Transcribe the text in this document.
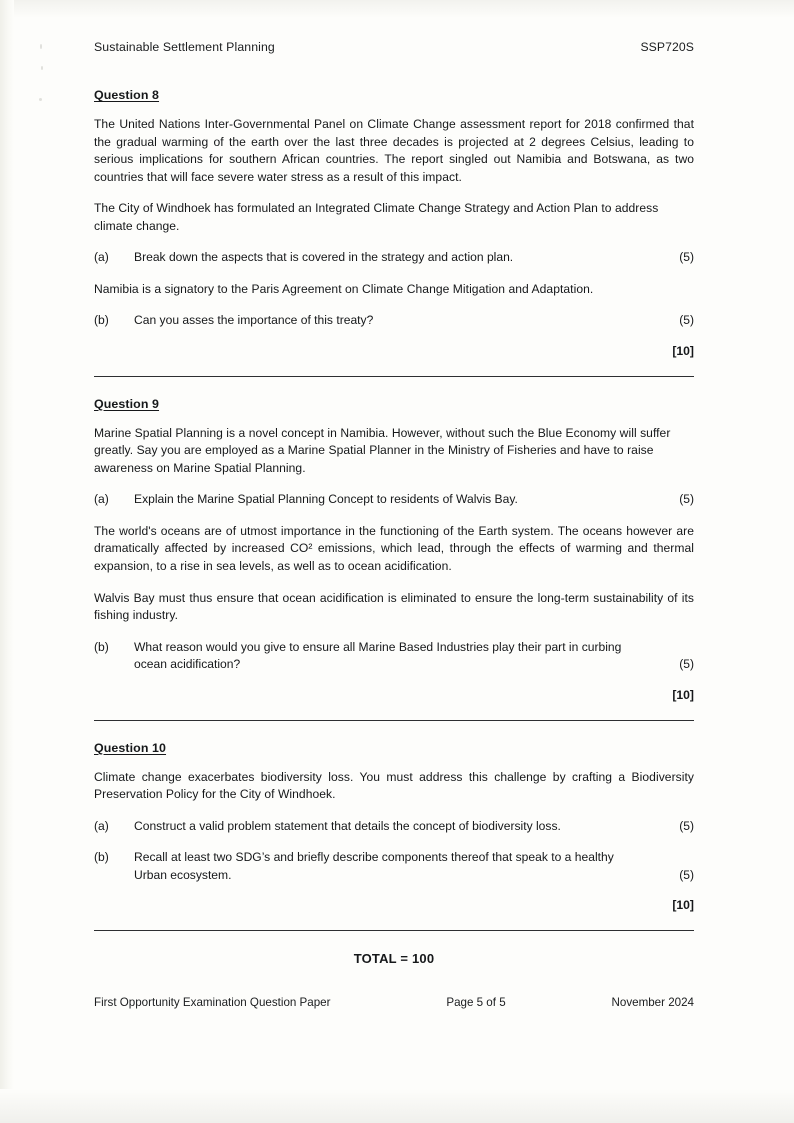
Sustainable Settlement Planning	SSP720S
Question 8

The United Nations Inter-Governmental Panel on Climate Change assessment report for 2018 confirmed that the gradual warming of the earth over the last three decades is projected at 2 degrees Celsius, leading to serious implications for southern African countries. The report singled out Namibia and Botswana, as two countries that will face severe water stress as a result of this impact.

The City of Windhoek has formulated an Integrated Climate Change Strategy and Action Plan to address climate change.

(a)	Break down the aspects that is covered in the strategy and action plan.	(5)

Namibia is a signatory to the Paris Agreement on Climate Change Mitigation and Adaptation.

(b)	Can you asses the importance of this treaty?	(5)
[10]
Question 9

Marine Spatial Planning is a novel concept in Namibia. However, without such the Blue Economy will suffer greatly. Say you are employed as a Marine Spatial Planner in the Ministry of Fisheries and have to raise awareness on Marine Spatial Planning.

(a)	Explain the Marine Spatial Planning Concept to residents of Walvis Bay.	(5)

The world's oceans are of utmost importance in the functioning of the Earth system. The oceans however are dramatically affected by increased CO² emissions, which lead, through the effects of warming and thermal expansion, to a rise in sea levels, as well as to ocean acidification.

Walvis Bay must thus ensure that ocean acidification is eliminated to ensure the long-term sustainability of its fishing industry.

(b)	What reason would you give to ensure all Marine Based Industries play their part in curbing ocean acidification?	(5)
[10]
Question 10

Climate change exacerbates biodiversity loss. You must address this challenge by crafting a Biodiversity Preservation Policy for the City of Windhoek.

(a)	Construct a valid problem statement that details the concept of biodiversity loss.	(5)
(b)	Recall at least two SDG’s and briefly describe components thereof that speak to a healthy Urban ecosystem.	(5)
[10]
TOTAL = 100
First Opportunity Examination Question Paper	Page 5 of 5	November 2024
